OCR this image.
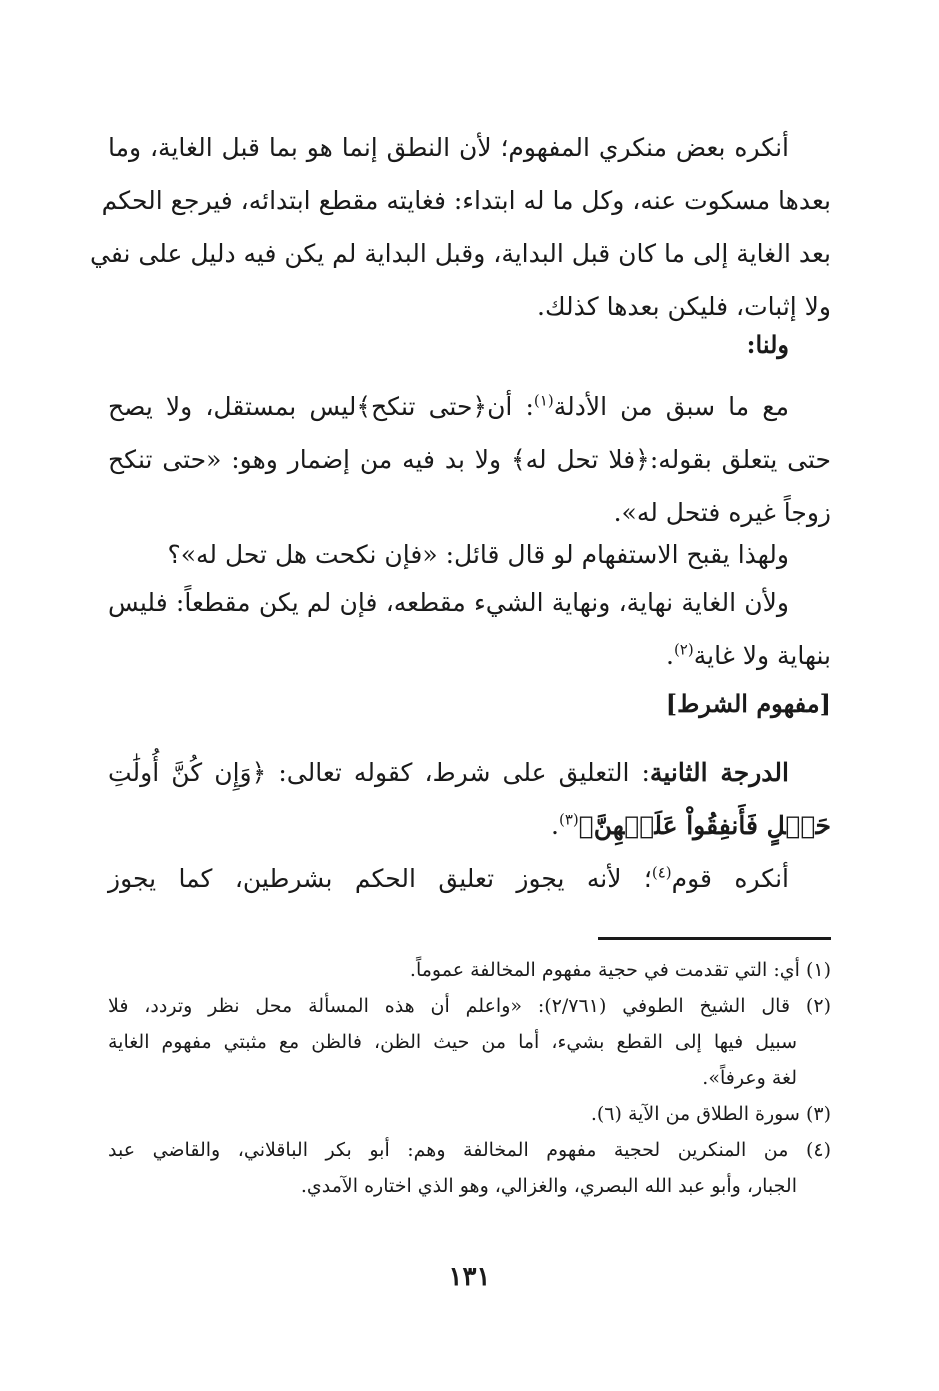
أنكره بعض منكري المفهوم؛ لأن النطق إنما هو بما قبل الغاية، وما
بعدها مسكوت عنه، وكل ما له ابتداء: فغايته مقطع ابتدائه، فيرجع الحكم
بعد الغاية إلى ما كان قبل البداية، وقبل البداية لم يكن فيه دليل على نفي
ولا إثبات، فليكن بعدها كذلك.
ولنا:
مع ما سبق من الأدلة$^{(١)}$: أن﴿حتى تنكح﴾ليس بمستقل، ولا يصح
حتى يتعلق بقوله:﴿فلا تحل له﴾ ولا بد فيه من إضمار وهو: «حتى تنكح
زوجاً غيره فتحل له».
ولهذا يقبح الاستفهام لو قال قائل: «فإن نكحت هل تحل له»؟
ولأن الغاية نهاية، ونهاية الشيء مقطعه، فإن لم يكن مقطعاً: فليس
بنهاية ولا غاية$^{(٢)}$.
[مفهوم الشرط]
الدرجة الثانية: التعليق على شرط، كقوله تعالى: ﴿وَإِن كُنَّ أُولَٰتِ
حَمۡلٍ فَأَنفِقُواْ عَلَيۡهِنَّ﴾$^{(٣)}$.
أنكره قوم$^{(٤)}$؛ لأنه يجوز تعليق الحكم بشرطين، كما يجوز
(١) أي: التي تقدمت في حجية مفهوم المخالفة عموماً.
(٢) قال الشيخ الطوفي (٢/٧٦١): «واعلم أن هذه المسألة محل نظر وتردد، فلا
سبيل فيها إلى القطع بشيء، أما من حيث الظن، فالظن مع مثبتي مفهوم الغاية
لغة وعرفاً».
(٣) سورة الطلاق من الآية (٦).
(٤) من المنكرين لحجية مفهوم المخالفة وهم: أبو بكر الباقلاني، والقاضي عبد
الجبار، وأبو عبد الله البصري، والغزالي، وهو الذي اختاره الآمدي.
١٣١
